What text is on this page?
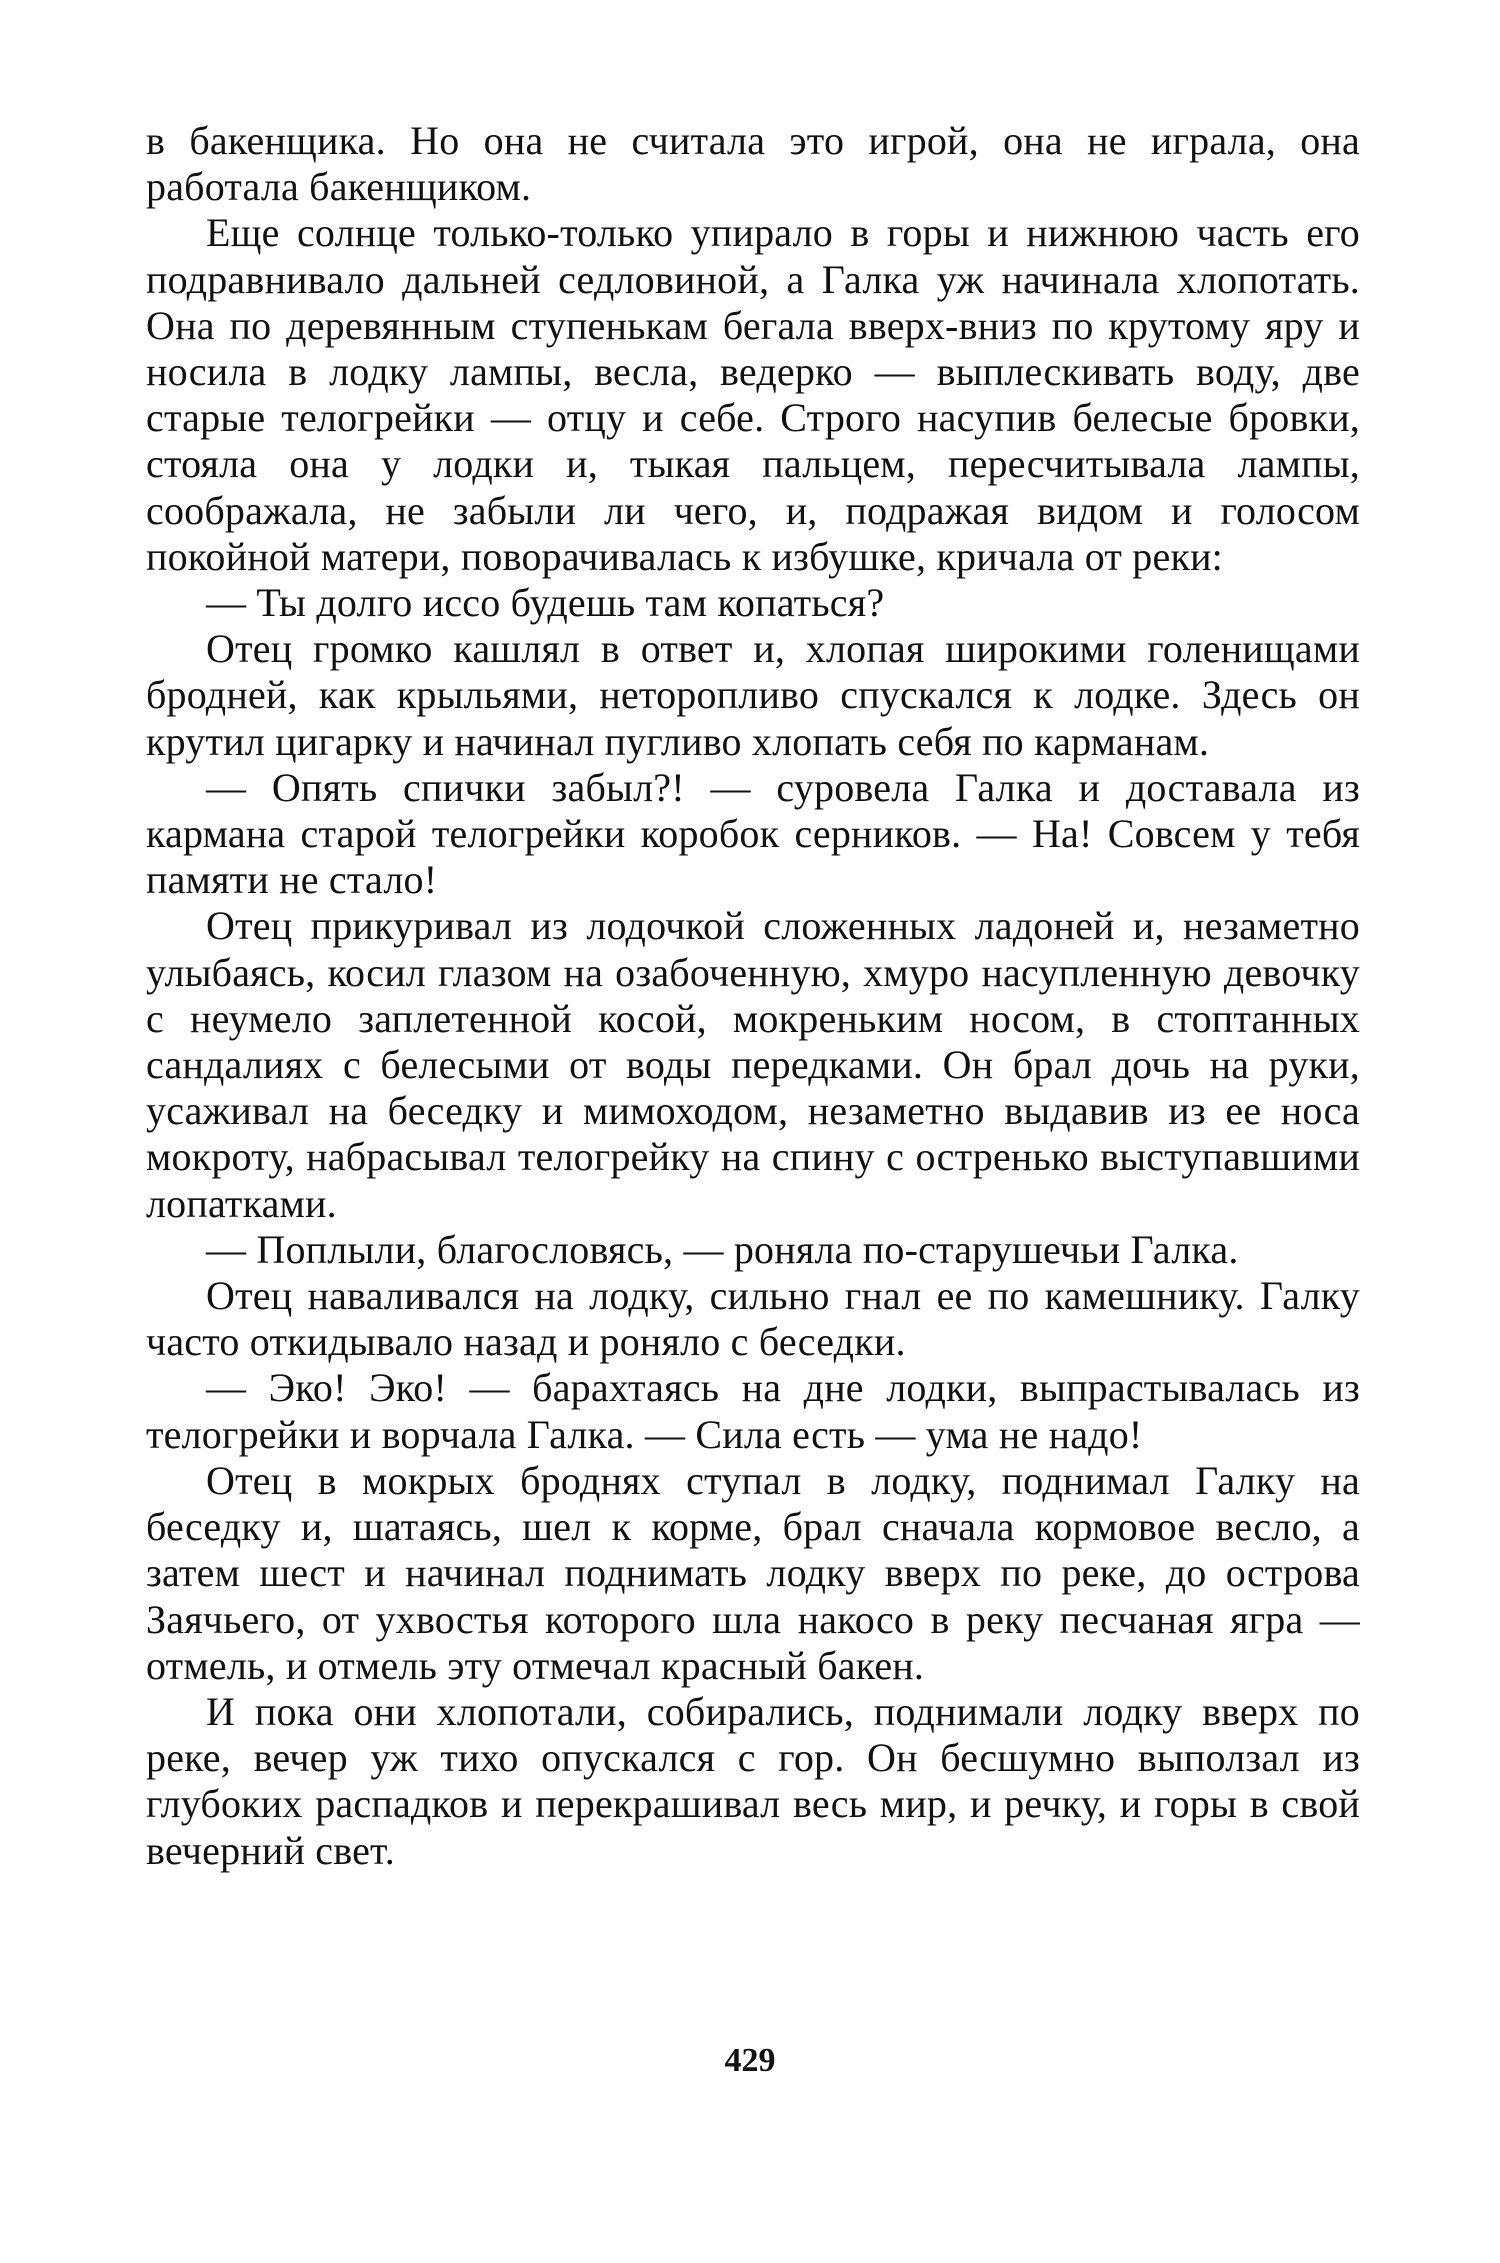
в бакенщика. Но она не считала это игрой, она не играла, она работала бакенщиком.

Еще солнце только-только упирало в горы и нижнюю часть его подравнивало дальней седловиной, а Галка уж начинала хлопотать. Она по деревянным ступенькам бегала вверх-вниз по крутому яру и носила в лодку лампы, весла, ведерко — выплескивать воду, две старые телогрейки — отцу и себе. Строго насупив белесые бровки, стояла она у лодки и, тыкая пальцем, пересчитывала лампы, соображала, не забыли ли чего, и, подражая видом и голосом покойной матери, поворачивалась к избушке, кричала от реки:

— Ты долго иссо будешь там копаться?

Отец громко кашлял в ответ и, хлопая широкими голенищами бродней, как крыльями, неторопливо спускался к лодке. Здесь он крутил цигарку и начинал пугливо хлопать себя по карманам.

— Опять спички забыл?! — суровела Галка и доставала из кармана старой телогрейки коробок серников. — На! Совсем у тебя памяти не стало!

Отец прикуривал из лодочкой сложенных ладоней и, незаметно улыбаясь, косил глазом на озабоченную, хмуро насупленную девочку с неумело заплетенной косой, мокреньким носом, в стоптанных сандалиях с белесыми от воды передками. Он брал дочь на руки, усаживал на беседку и мимоходом, незаметно выдавив из ее носа мокроту, набрасывал телогрейку на спину с остренько выступавшими лопатками.

— Поплыли, благословясь, — роняла по-старушечьи Галка.

Отец наваливался на лодку, сильно гнал ее по камешнику. Галку часто откидывало назад и роняло с беседки.

— Эко! Эко! — барахтаясь на дне лодки, выпрастывалась из телогрейки и ворчала Галка. — Сила есть — ума не надо!

Отец в мокрых броднях ступал в лодку, поднимал Галку на беседку и, шатаясь, шел к корме, брал сначала кормовое весло, а затем шест и начинал поднимать лодку вверх по реке, до острова Заячьего, от ухвостья которого шла накосо в реку песчаная ягра — отмель, и отмель эту отмечал красный бакен.

И пока они хлопотали, собирались, поднимали лодку вверх по реке, вечер уж тихо опускался с гор. Он бесшумно выползал из глубоких распадков и перекрашивал весь мир, и речку, и горы в свой вечерний свет.

429
